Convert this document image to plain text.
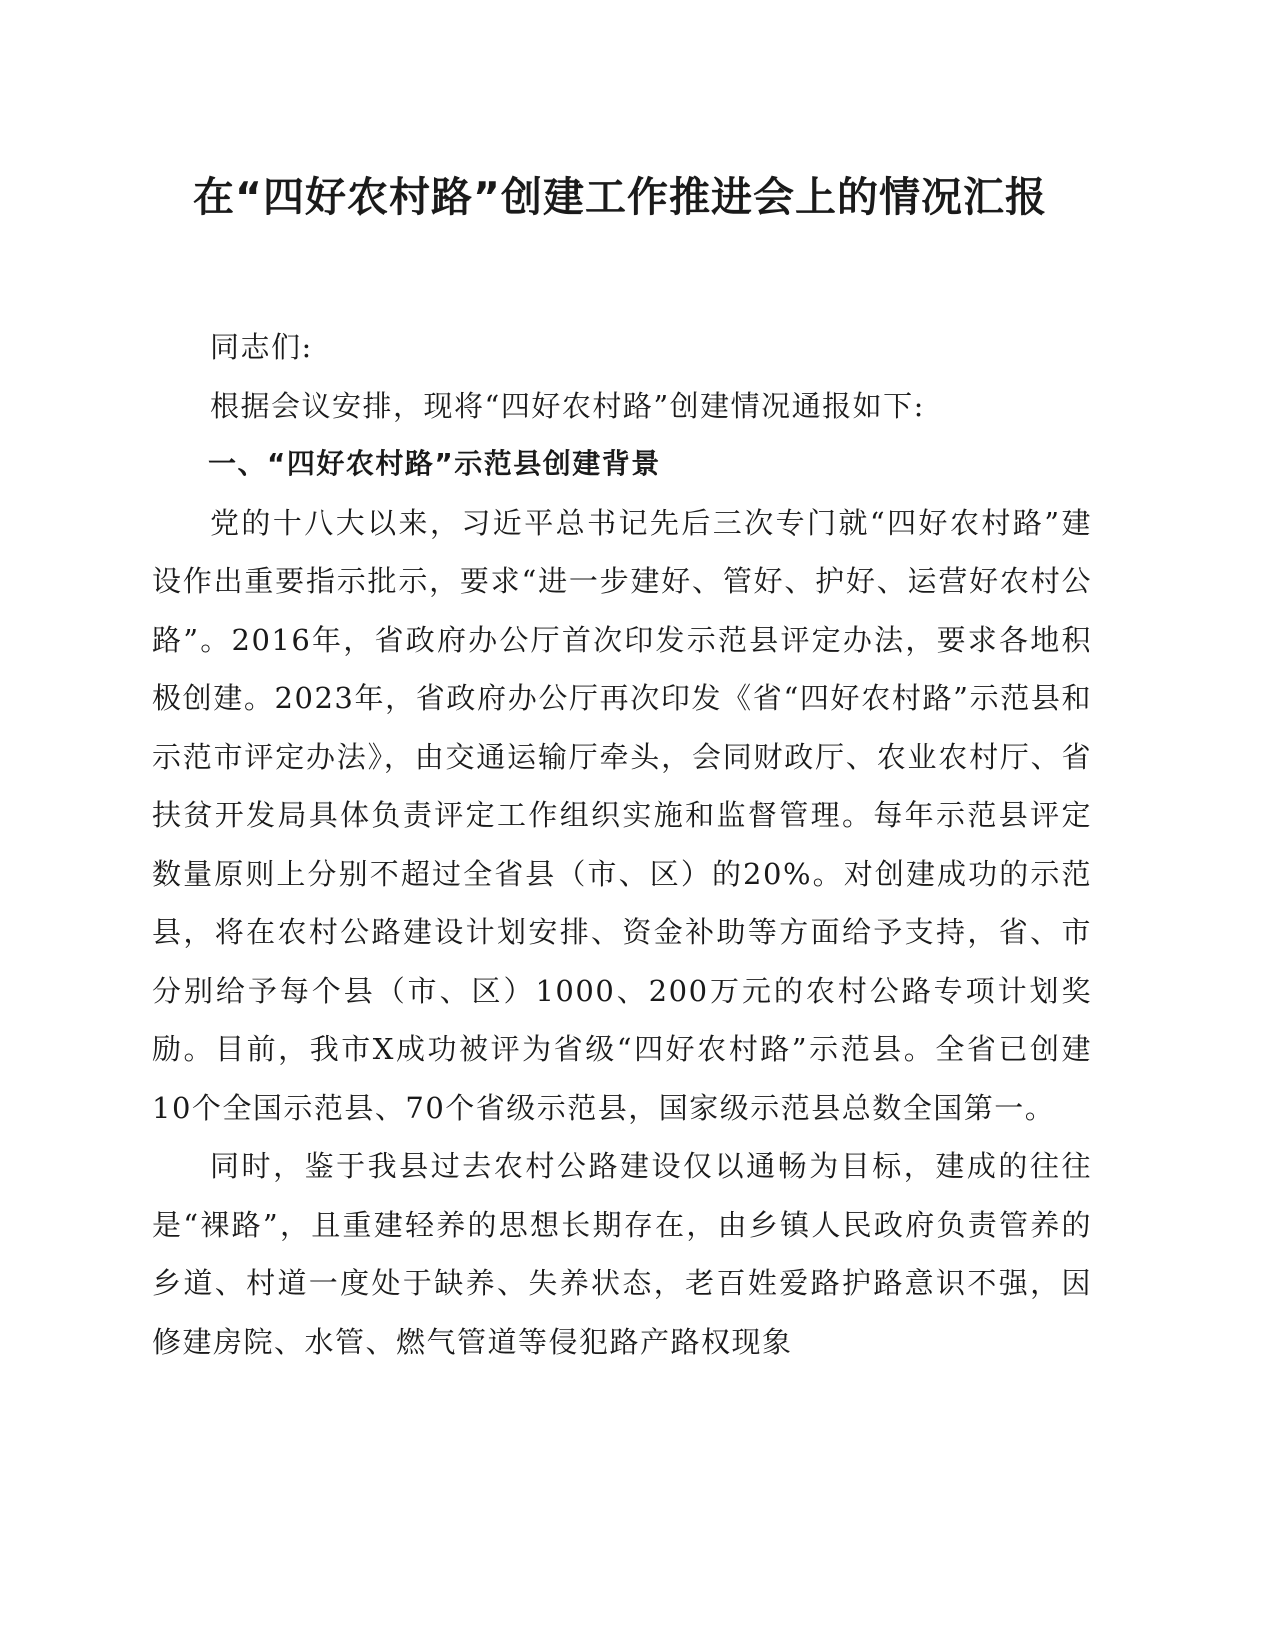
在“四好农村路”创建工作推进会上的情况汇报

同志们:

根据会议安排，现将“四好农村路”创建情况通报如下:

一、“四好农村路”示范县创建背景

党的十八大以来，习近平总书记先后三次专门就“四好农村路”建设作出重要指示批示，要求“进一步建好、管好、护好、运营好农村公路”。2016年，省政府办公厅首次印发示范县评定办法，要求各地积极创建。2023年，省政府办公厅再次印发《省“四好农村路”示范县和示范市评定办法》，由交通运输厅牵头，会同财政厅、农业农村厅、省扶贫开发局具体负责评定工作组织实施和监督管理。每年示范县评定数量原则上分别不超过全省县（市、区）的20%。对创建成功的示范县，将在农村公路建设计划安排、资金补助等方面给予支持，省、市分别给予每个县（市、区）1000、200万元的农村公路专项计划奖励。目前，我市X成功被评为省级“四好农村路”示范县。全省已创建10个全国示范县、70个省级示范县，国家级示范县总数全国第一。

同时，鉴于我县过去农村公路建设仅以通畅为目标，建成的往往是“裸路”，且重建轻养的思想长期存在，由乡镇人民政府负责管养的乡道、村道一度处于缺养、失养状态，老百姓爱路护路意识不强，因修建房院、水管、燃气管道等侵犯路产路权现象
